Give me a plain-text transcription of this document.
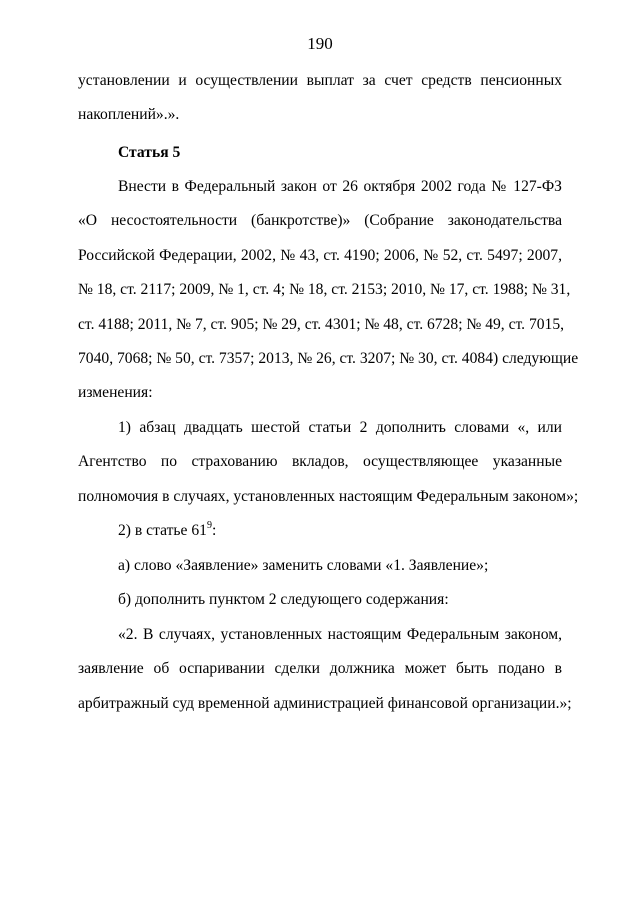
190
установлении и осуществлении выплат за счет средств пенсионных
накоплений».».
Статья 5
Внести в Федеральный закон от 26 октября 2002 года № 127-ФЗ
«О несостоятельности (банкротстве)» (Собрание законодательства
Российской Федерации, 2002, № 43, ст. 4190; 2006, № 52, ст. 5497; 2007,
№ 18, ст. 2117; 2009, № 1, ст. 4; № 18, ст. 2153; 2010, № 17, ст. 1988; № 31,
ст. 4188; 2011, № 7, ст. 905; № 29, ст. 4301; № 48, ст. 6728; № 49, ст. 7015,
7040, 7068; № 50, ст. 7357; 2013, № 26, ст. 3207; № 30, ст. 4084) следующие
изменения:
1) абзац двадцать шестой статьи 2 дополнить словами «, или
Агентство по страхованию вкладов, осуществляющее указанные
полномочия в случаях, установленных настоящим Федеральным законом»;
2) в статье $61^9$:
а) слово «Заявление» заменить словами «1. Заявление»;
б) дополнить пунктом 2 следующего содержания:
«2. В случаях, установленных настоящим Федеральным законом,
заявление об оспаривании сделки должника может быть подано в
арбитражный суд временной администрацией финансовой организации.»;
